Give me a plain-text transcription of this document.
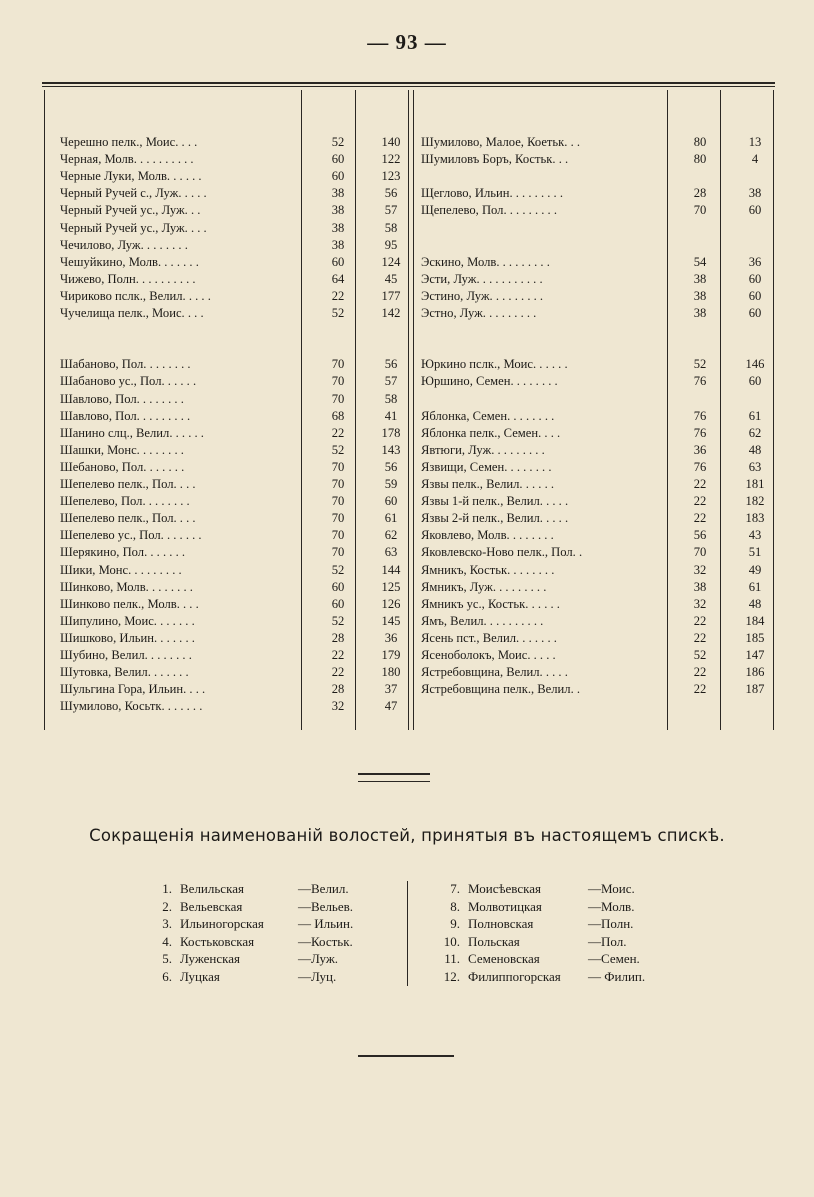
— 93 —
Черешно пелк., Моис. . . .	52	140
Черная, Молв. . . . . . . . . .	60	122
Черные Луки, Молв. . . . . .	60	123
Черный Ручей с., Луж. . . . .	38	56
Черный Ручей ус., Луж. . .	38	57
Черный Ручей ус., Луж. . . .	38	58
Чечилово, Луж. . . . . . . .	38	95
Чешуйкино, Молв. . . . . . .	60	124
Чижево, Полн. . . . . . . . . .	64	45
Чириково пслк., Велил. . . . .	22	177
Чучелища пелк., Моис. . . .	52	142
Шабаново, Пол. . . . . . . .	70	56
Шабаново ус., Пол. . . . . .	70	57
Шавлово, Пол. . . . . . . .	70	58
Шавлово, Пол. . . . . . . . .	68	41
Шанино слц., Велил. . . . . .	22	178
Шашки, Монс. . . . . . . .	52	143
Шебаново, Пол. . . . . . .	70	56
Шепелево пелк., Пол. . . .	70	59
Шепелево, Пол. . . . . . . .	70	60
Шепелево пелк., Пол. . . .	70	61
Шепелево ус., Пол. . . . . . .	70	62
Шерякино, Пол. . . . . . .	70	63
Шики, Монс. . . . . . . . .	52	144
Шинково, Молв. . . . . . . .	60	125
Шинково пелк., Молв. . . .	60	126
Шипулино, Моис. . . . . . .	52	145
Шишково, Ильин. . . . . . .	28	36
Шубино, Велил. . . . . . . .	22	179
Шутовка, Велил. . . . . . .	22	180
Шульгина Гора, Ильин. . . .	28	37
Шумилово, Косьтк. . . . . . .	32	47
Шумилово, Малое, Коетьк. . .	80	13
Шумиловъ Боръ, Костьк. . .	80	4
Щеглово, Ильин. . . . . . . . .	28	38
Щепелево, Пол. . . . . . . . .	70	60
Эскино, Молв. . . . . . . . .	54	36
Эсти, Луж. . . . . . . . . . .	38	60
Эстино, Луж. . . . . . . . .	38	60
Эстно, Луж. . . . . . . . .	38	60
Юркино пслк., Моис. . . . . .	52	146
Юршино, Семен. . . . . . . .	76	60
Яблонка, Семен. . . . . . . .	76	61
Яблонка пелк., Семен. . . .	76	62
Явтюги, Луж. . . . . . . . .	36	48
Язвищи, Семен. . . . . . . .	76	63
Язвы пелк., Велил. . . . . .	22	181
Язвы 1-й пелк., Велил. . . . .	22	182
Язвы 2-й пелк., Велил. . . . .	22	183
Яковлево, Молв. . . . . . . .	56	43
Яковлевско-Ново пелк., Пол. .	70	51
Ямникъ, Костьк. . . . . . . .	32	49
Ямникъ, Луж. . . . . . . . .	38	61
Ямникъ ус., Костьк. . . . . .	32	48
Ямъ, Велил. . . . . . . . . .	22	184
Ясень пст., Велил. . . . . . .	22	185
Ясеноболокъ, Моис. . . . .	52	147
Ястребовщина, Велил. . . . .	22	186
Ястребовщина пелк., Велил. .	22	187
Сокращенія наименованій волостей, принятыя въ настоящемъ спискѣ.
1. Велильская	—Велил.
2. Вельевская	—Вельев.
3. Ильиногорская	— Ильин.
4. Костьковская	—Костьк.
5. Луженская	—Луж.
6. Луцкая	—Луц.
7. Моисѣевская	—Моис.
8. Молвотицкая	—Молв.
9. Полновская	—Полн.
10. Польская	—Пол.
11. Семеновская	—Семен.
12. Филиппогорская — Филип.
